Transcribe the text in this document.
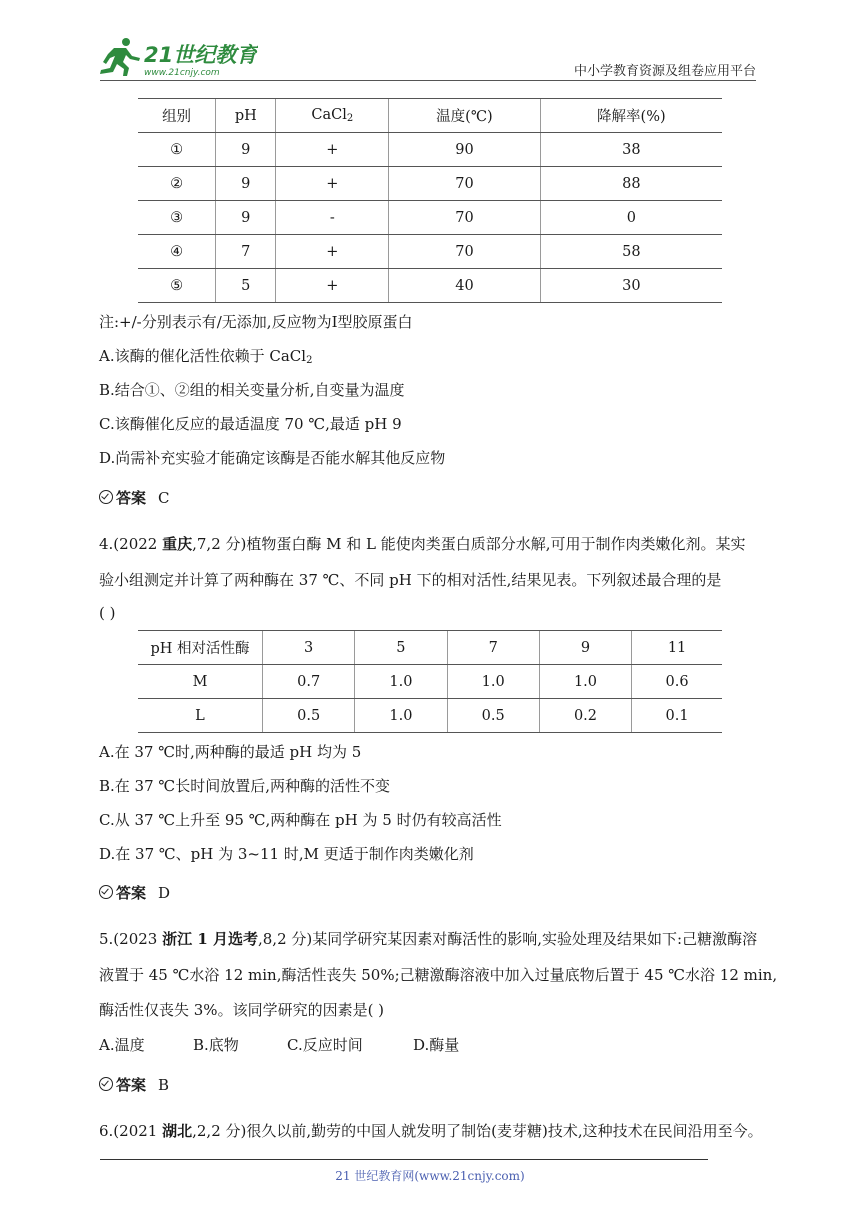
21世纪教育
www.21cnjy.com	中小学教育资源及组卷应用平台
组别	pH	CaCl$_2$	温度(℃)	降解率(%)
①	9	+	90	38
②	9	+	70	88
③	9	-	70	0
④	7	+	70	58
⑤	5	+	40	30
注:+/-分别表示有/无添加,反应物为Ⅰ型胶原蛋白
A.该酶的催化活性依赖于 CaCl$_2$
B.结合①、②组的相关变量分析,自变量为温度
C.该酶催化反应的最适温度 70 ℃,最适 pH 9
D.尚需补充实验才能确定该酶是否能水解其他反应物
答案 C
4.(2022 重庆,7,2 分)植物蛋白酶 M 和 L 能使肉类蛋白质部分水解,可用于制作肉类嫩化剂。某实
验小组测定并计算了两种酶在 37 ℃、不同 pH 下的相对活性,结果见表。下列叙述最合理的是
( )
pH 相对活性酶	3	5	7	9	11
M	0.7	1.0	1.0	1.0	0.6
L	0.5	1.0	0.5	0.2	0.1
A.在 37 ℃时,两种酶的最适 pH 均为 5
B.在 37 ℃长时间放置后,两种酶的活性不变
C.从 37 ℃上升至 95 ℃,两种酶在 pH 为 5 时仍有较高活性
D.在 37 ℃、pH 为 3~11 时,M 更适于制作肉类嫩化剂
答案 D
5.(2023 浙江 1 月选考,8,2 分)某同学研究某因素对酶活性的影响,实验处理及结果如下:己糖激酶溶
液置于 45 ℃水浴 12 min,酶活性丧失 50%;己糖激酶溶液中加入过量底物后置于 45 ℃水浴 12 min,
酶活性仅丧失 3%。该同学研究的因素是( )
A.温度	B.底物	C.反应时间	D.酶量
答案 B
6.(2021 湖北,2,2 分)很久以前,勤劳的中国人就发明了制饴(麦芽糖)技术,这种技术在民间沿用至今。
21 世纪教育网(www.21cnjy.com)
